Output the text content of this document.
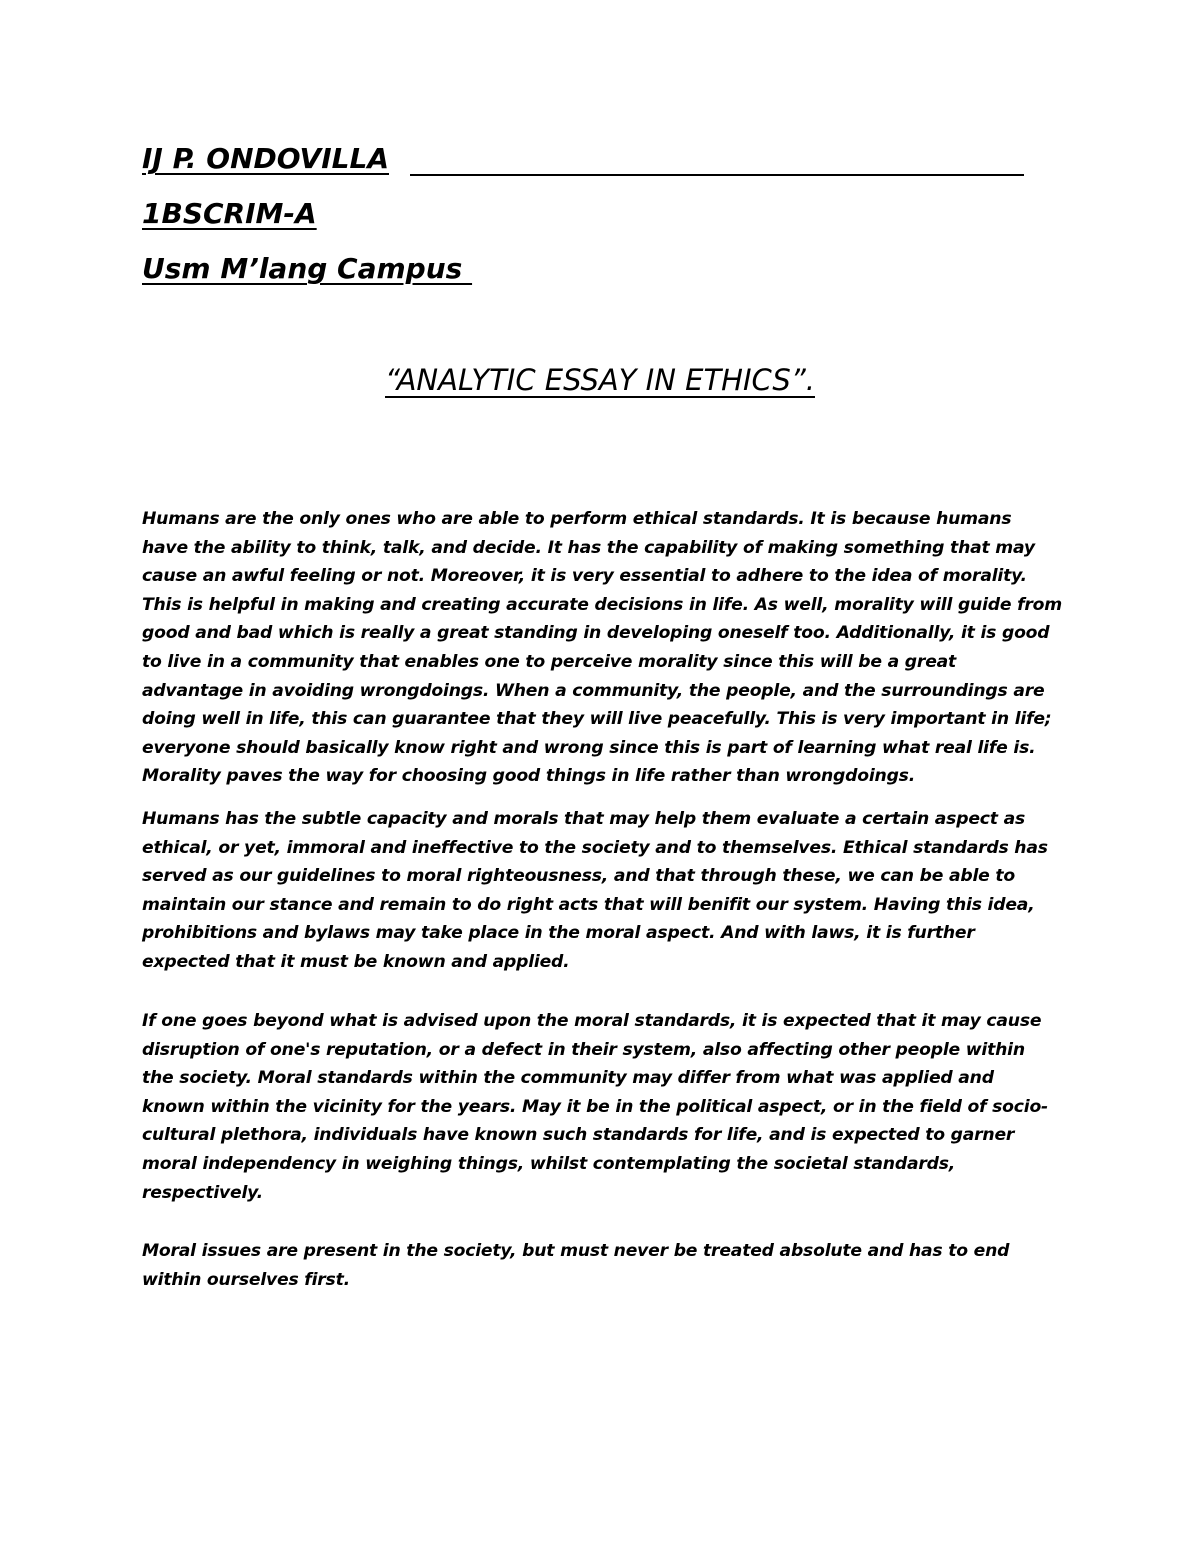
IJ P. ONDOVILLA
1BSCRIM-A
Usm M’lang Campus
“ANALYTIC ESSAY IN ETHICS”.

Humans are the only ones who are able to perform ethical standards. It is because humans have the ability to think, talk, and decide. It has the capability of making something that may cause an awful feeling or not. Moreover, it is very essential to adhere to the idea of morality. This is helpful in making and creating accurate decisions in life. As well, morality will guide from good and bad which is really a great standing in developing oneself too. Additionally, it is good to live in a community that enables one to perceive morality since this will be a great advantage in avoiding wrongdoings. When a community, the people, and the surroundings are doing well in life, this can guarantee that they will live peacefully. This is very important in life; everyone should basically know right and wrong since this is part of learning what real life is. Morality paves the way for choosing good things in life rather than wrongdoings.

Humans has the subtle capacity and morals that may help them evaluate a certain aspect as ethical, or yet, immoral and ineffective to the society and to themselves. Ethical standards has served as our guidelines to moral righteousness, and that through these, we can be able to maintain our stance and remain to do right acts that will benifit our system. Having this idea, prohibitions and bylaws may take place in the moral aspect. And with laws, it is further expected that it must be known and applied.

If one goes beyond what is advised upon the moral standards, it is expected that it may cause disruption of one's reputation, or a defect in their system, also affecting other people within the society. Moral standards within the community may differ from what was applied and known within the vicinity for the years. May it be in the political aspect, or in the field of socio-cultural plethora, individuals have known such standards for life, and is expected to garner moral independency in weighing things, whilst contemplating the societal standards, respectively.

Moral issues are present in the society, but must never be treated absolute and has to end within ourselves first.
